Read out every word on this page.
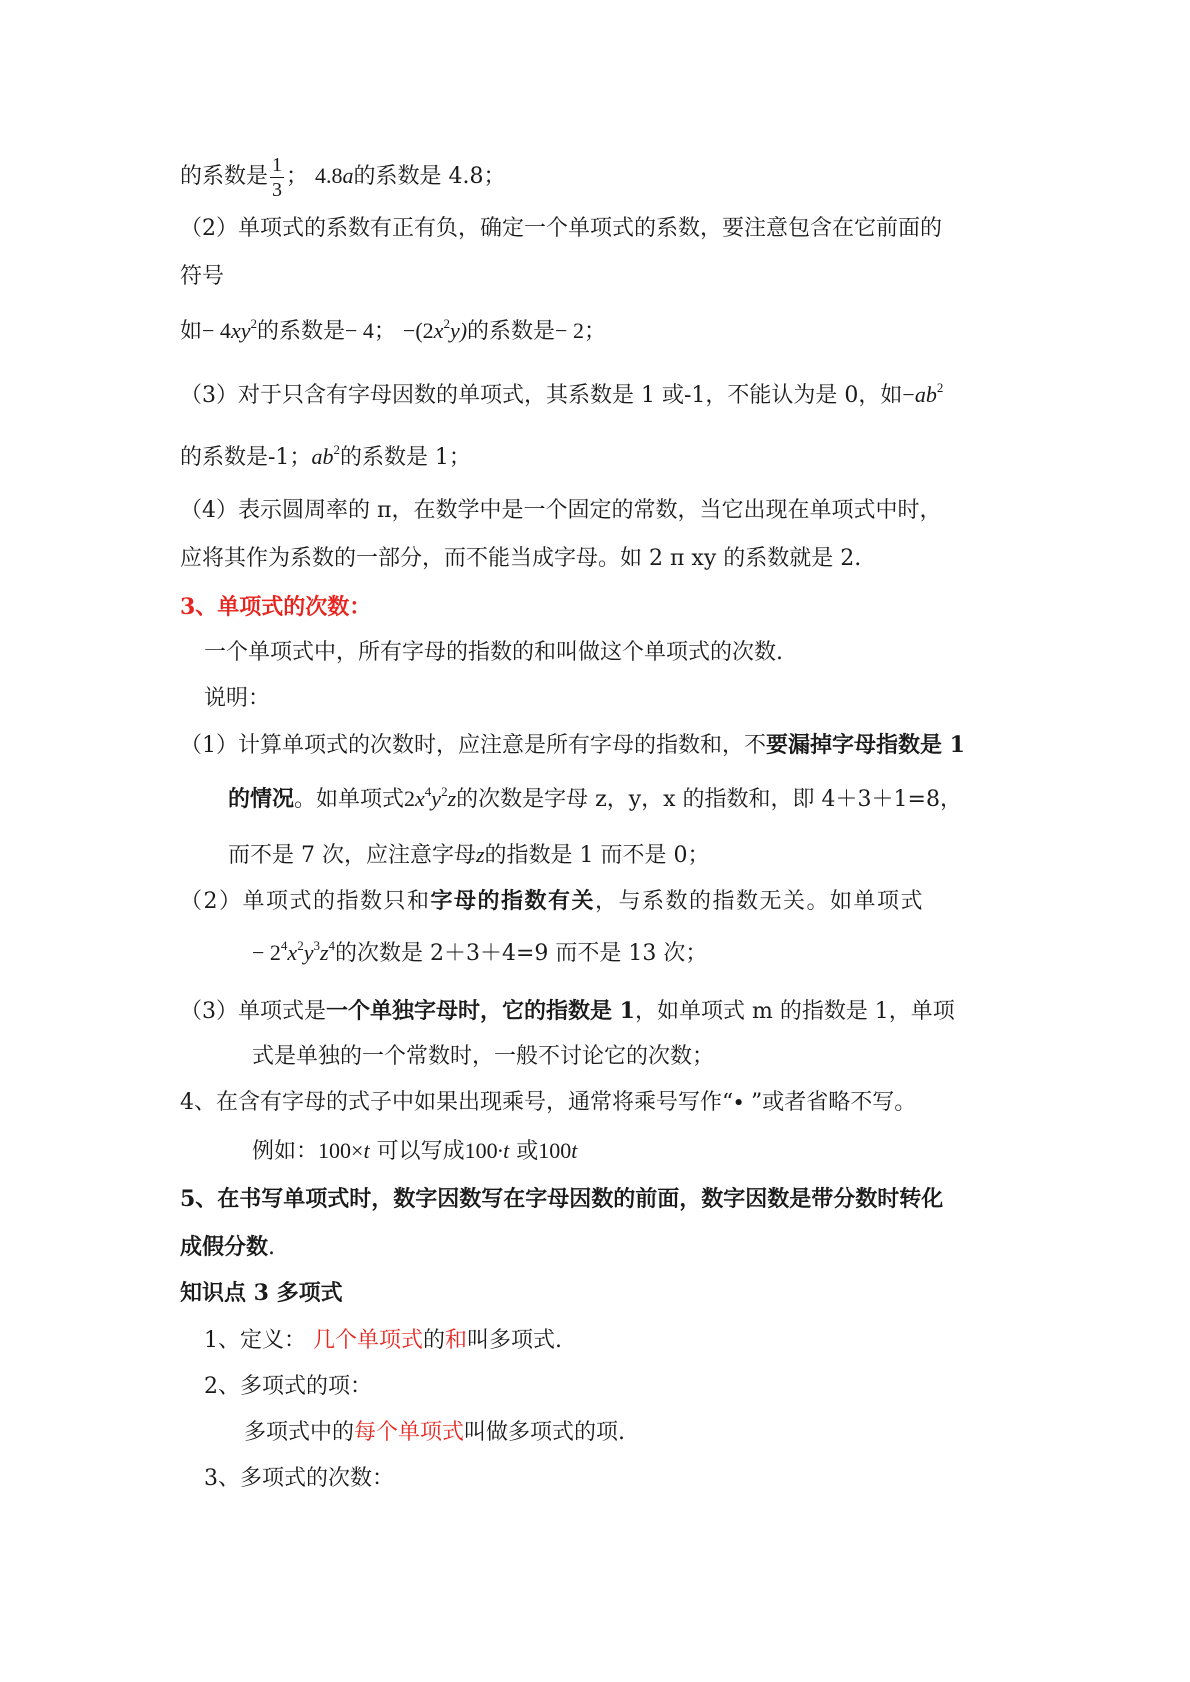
的系数是 $\frac{1}{3}$ ； 4.8a的系数是 4.8；
（2）单项式的系数有正有负，确定一个单项式的系数，要注意包含在它前面的
符号
如− $4xy^2$的系数是− 4； $-(2x^2y)$的系数是− 2；
（3）对于只含有字母因数的单项式，其系数是 1 或-1，不能认为是 0，如$-ab^2$
的系数是-1；$ab^2$的系数是 1；
（4）表示圆周率的 π，在数学中是一个固定的常数，当它出现在单项式中时，
应将其作为系数的一部分，而不能当成字母。如 2 π xy 的系数就是 2.
3、单项式的次数：
一个单项式中，所有字母的指数的和叫做这个单项式的次数.
说明：
（1）计算单项式的次数时，应注意是所有字母的指数和，不要漏掉字母指数是 1
的情况。如单项式$2x^4y^2z$的次数是字母 z，y，x 的指数和，即 4＋3＋1=8，
而不是 7 次，应注意字母z的指数是 1 而不是 0；
（2）单项式的指数只和字母的指数有关，与系数的指数无关。如单项式
− $2^4x^2y^3z^4$的次数是 2＋3＋4=9 而不是 13 次；
（3）单项式是一个单独字母时，它的指数是 1，如单项式 m 的指数是 1，单项
式是单独的一个常数时，一般不讨论它的次数；
4、在含有字母的式子中如果出现乘号，通常将乘号写作“∙ ”或者省略不写。
例如：100×t 可以写成100∙t 或100t
5、在书写单项式时，数字因数写在字母因数的前面，数字因数是带分数时转化
成假分数.
知识点 3 多项式
1、定义： 几个单项式的和叫多项式.
2、多项式的项：
多项式中的每个单项式叫做多项式的项.
3、多项式的次数：
